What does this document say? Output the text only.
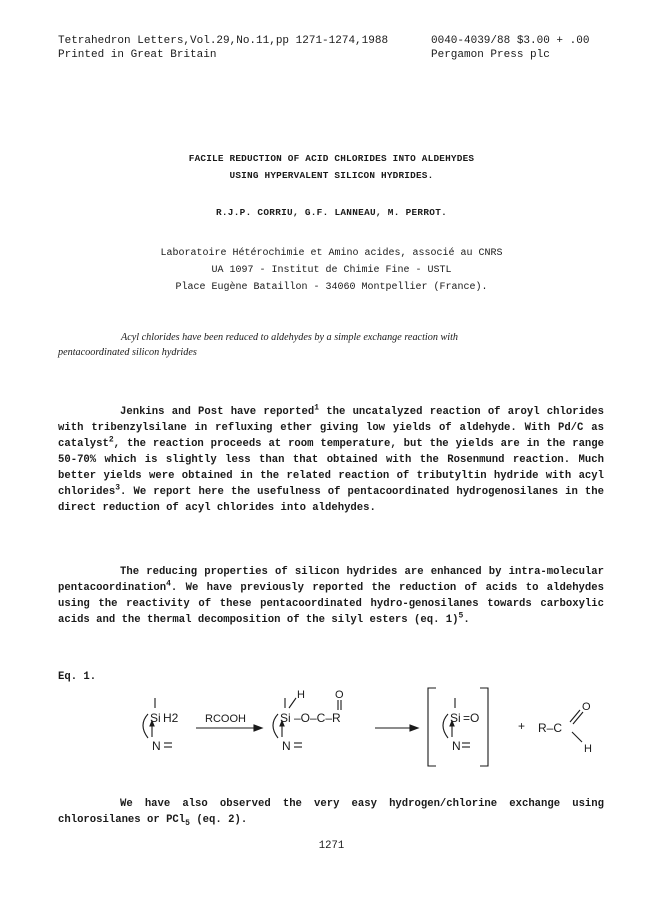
Tetrahedron Letters,Vol.29,No.11,pp 1271-1274,1988
Printed in Great Britain
0040-4039/88 $3.00 + .00
Pergamon Press plc
FACILE REDUCTION OF ACID CHLORIDES INTO ALDEHYDES
USING HYPERVALENT SILICON HYDRIDES.
R.J.P. CORRIU, G.F. LANNEAU, M. PERROT.
Laboratoire Hétérochimie et Amino acides, associé au CNRS
UA 1097 - Institut de Chimie Fine - USTL
Place Eugène Bataillon - 34060 Montpellier (France).
Acyl chlorides have been reduced to aldehydes by a simple exchange reaction with
pentacoordinated silicon hydrides
Jenkins and Post have reported$^1$ the uncatalyzed reaction of aroyl chlorides with tribenzylsilane in refluxing ether giving low yields of aldehyde. With Pd/C as catalyst$^2$, the reaction proceeds at room temperature, but the yields are in the range 50-70% which is slightly less than that obtained with the Rosenmund reaction. Much better yields were obtained in the related reaction of tributyltin hydride with acyl chlorides$^3$. We report here the usefulness of pentacoordinated hydrogenosilanes in the direct reduction of acyl chlorides into aldehydes.
The reducing properties of silicon hydrides are enhanced by intra-molecular pentacoordination$^4$. We have previously reported the reduction of acids to aldehydes using the reactivity of these pentacoordinated hydro-genosilanes towards carboxylic acids and the thermal decomposition of the silyl esters (eq. 1)$^5$.
Eq. 1.
Si H2
N
RCOOH
H	O
Si –O–C–R
N
Si =O
N
+ R–C
O
H
We have also observed the very easy hydrogen/chlorine exchange using chlorosilanes or PCl$_5$ (eq. 2).
1271
